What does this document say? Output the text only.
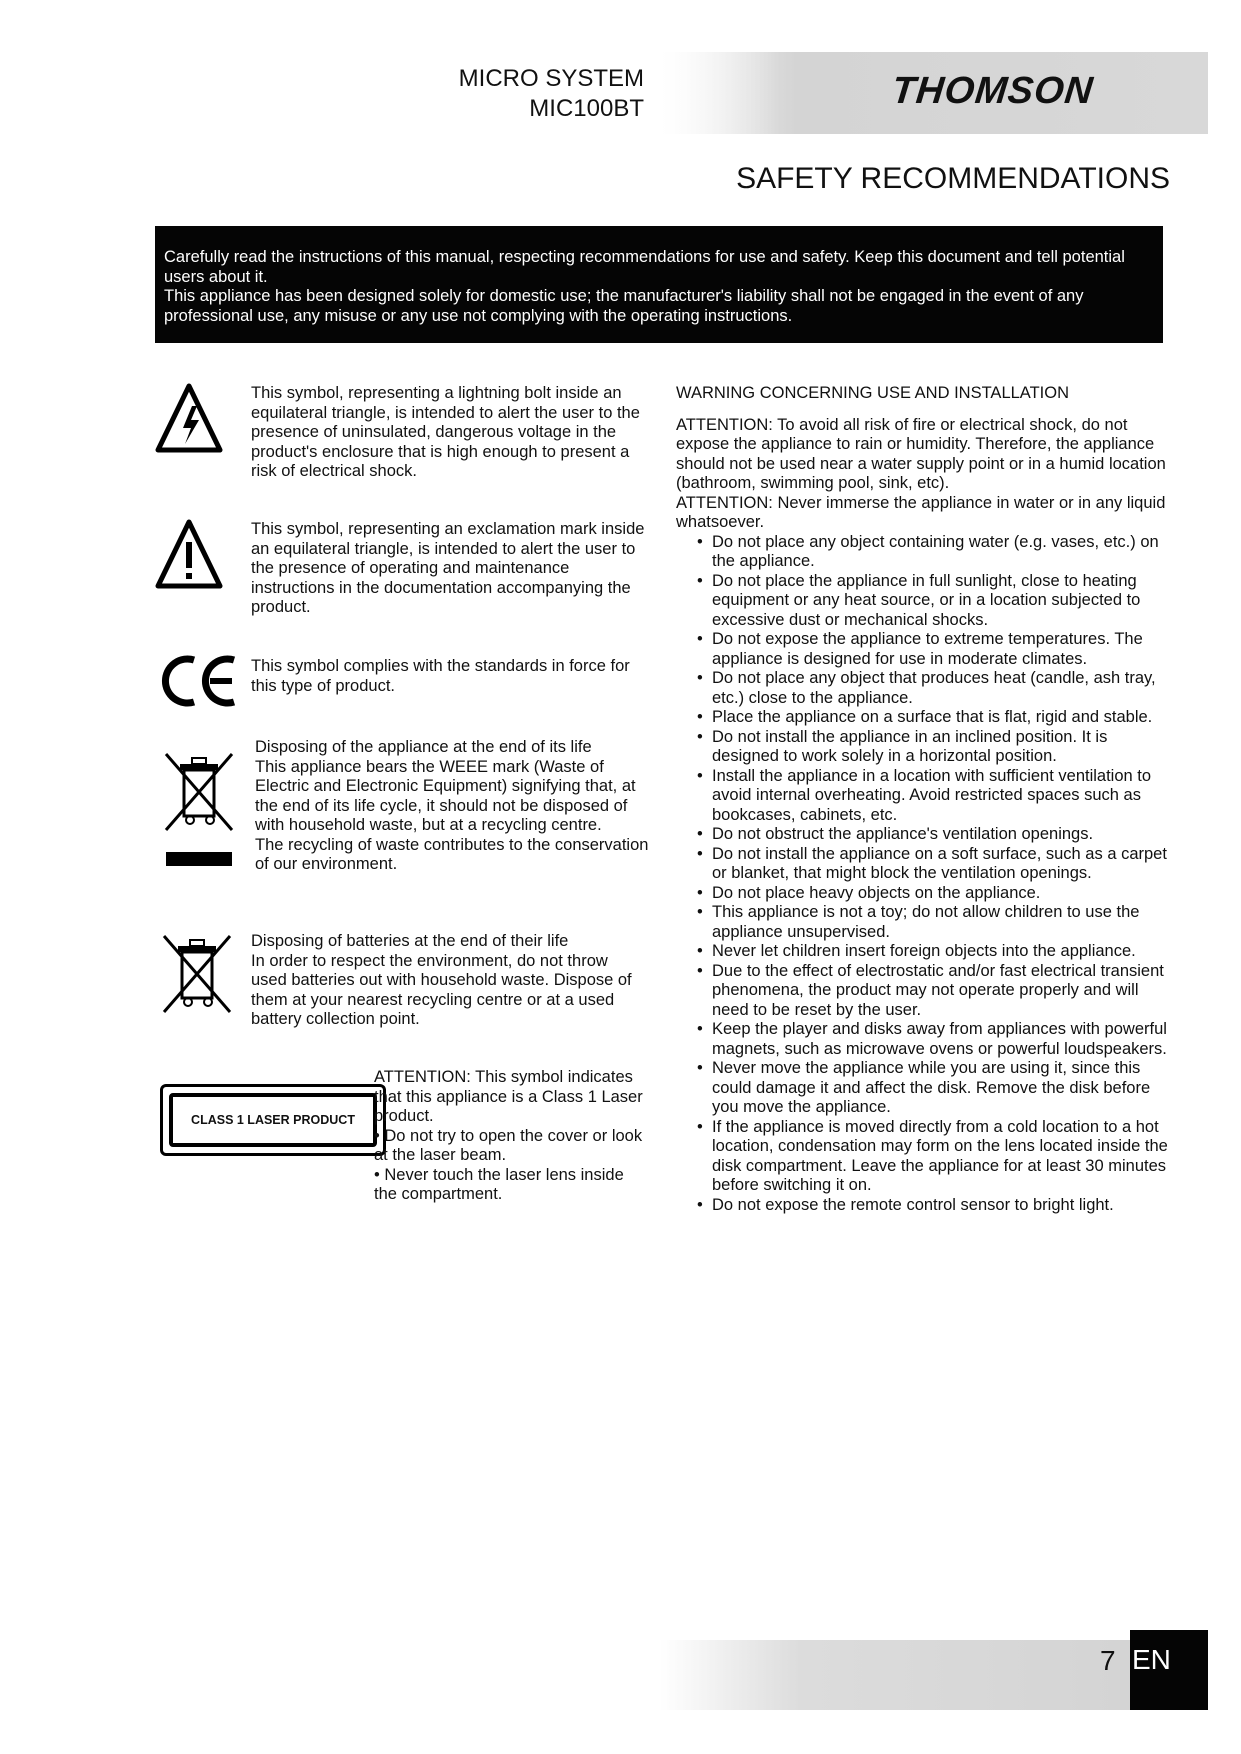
MICRO SYSTEM
MIC100BT	THOMSON
SAFETY RECOMMENDATIONS

Carefully read the instructions of this manual, respecting recommendations for use and safety. Keep this document and tell potential users about it.

This appliance has been designed solely for domestic use; the manufacturer's liability shall not be engaged in the event of any professional use, any misuse or any use not complying with the operating instructions.

This symbol, representing a lightning bolt inside an equilateral triangle, is intended to alert the user to the presence of uninsulated, dangerous voltage in the product's enclosure that is high enough to present a risk of electrical shock.
This symbol, representing an exclamation mark inside an equilateral triangle, is intended to alert the user to the presence of operating and maintenance instructions in the documentation accompanying the product.
This symbol complies with the standards in force for this type of product.

Disposing of the appliance at the end of its life

This appliance bears the WEEE mark (Waste of Electric and Electronic Equipment) signifying that, at the end of its life cycle, it should not be disposed of with household waste, but at a recycling centre.

The recycling of waste contributes to the conservation of our environment.

Disposing of batteries at the end of their life

In order to respect the environment, do not throw used batteries out with household waste. Dispose of them at your nearest recycling centre or at a used battery collection point.

CLASS 1 LASER PRODUCT

ATTENTION: This symbol indicates that this appliance is a Class 1 Laser product.

• Do not try to open the cover or look at the laser beam.

• Never touch the laser lens inside the compartment.

WARNING CONCERNING USE AND INSTALLATION

ATTENTION: To avoid all risk of fire or electrical shock, do not expose the appliance to rain or humidity. Therefore, the appliance should not be used near a water supply point or in a humid location (bathroom, swimming pool, sink, etc).

ATTENTION: Never immerse the appliance in water or in any liquid whatsoever.

• Do not place any object containing water (e.g. vases, etc.) on the appliance.
• Do not place the appliance in full sunlight, close to heating equipment or any heat source, or in a location subjected to excessive dust or mechanical shocks.
• Do not expose the appliance to extreme temperatures. The appliance is designed for use in moderate climates.
• Do not place any object that produces heat (candle, ash tray, etc.) close to the appliance.
• Place the appliance on a surface that is flat, rigid and stable.
• Do not install the appliance in an inclined position. It is designed to work solely in a horizontal position.
• Install the appliance in a location with sufficient ventilation to avoid internal overheating. Avoid restricted spaces such as bookcases, cabinets, etc.
• Do not obstruct the appliance's ventilation openings.
• Do not install the appliance on a soft surface, such as a carpet or blanket, that might block the ventilation openings.
• Do not place heavy objects on the appliance.
• This appliance is not a toy; do not allow children to use the appliance unsupervised.
• Never let children insert foreign objects into the appliance.
• Due to the effect of electrostatic and/or fast electrical transient phenomena, the product may not operate properly and will need to be reset by the user.
• Keep the player and disks away from appliances with powerful magnets, such as microwave ovens or powerful loudspeakers.
• Never move the appliance while you are using it, since this could damage it and affect the disk. Remove the disk before you move the appliance.
• If the appliance is moved directly from a cold location to a hot location, condensation may form on the lens located inside the disk compartment. Leave the appliance for at least 30 minutes before switching it on.
• Do not expose the remote control sensor to bright light.
7 EN
